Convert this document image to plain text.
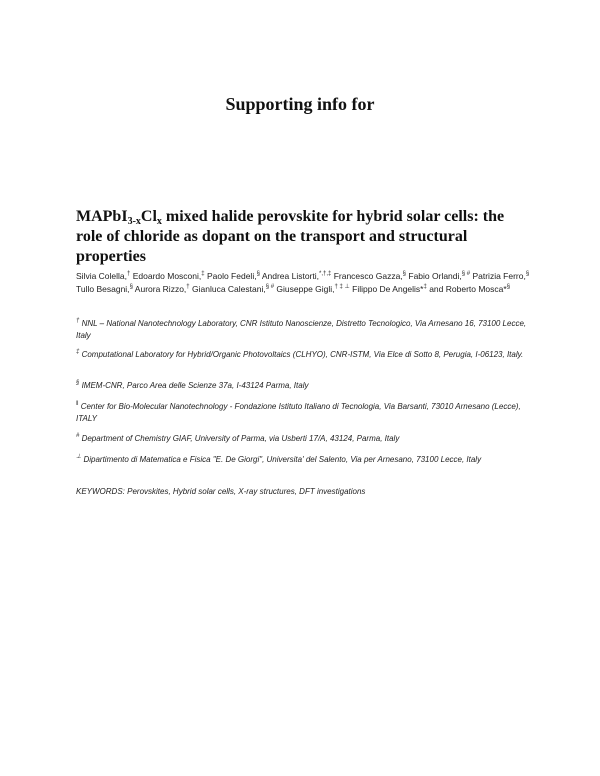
Supporting info for
$MAPbI_{3-x}Cl_x$ mixed halide perovskite for hybrid solar cells: the role of chloride as dopant on the transport and structural properties
Silvia Colella,† Edoardo Mosconi,‡ Paolo Fedeli,§ Andrea Listorti,*,†,‡ Francesco Gazza,§ Fabio Orlandi,§ # Patrizia Ferro,§ Tullo Besagni,§ Aurora Rizzo,† Gianluca Calestani,§ # Giuseppe Gigli,† ‡ ⊥ Filippo De Angelis*‡ and Roberto Mosca*§
† NNL – National Nanotechnology Laboratory, CNR Istituto Nanoscienze, Distretto Tecnologico, Via Arnesano 16, 73100 Lecce, Italy
‡ Computational Laboratory for Hybrid/Organic Photovoltaics (CLHYO), CNR-ISTM, Via Elce di Sotto 8, Perugia, I-06123, Italy.
§ IMEM-CNR, Parco Area delle Scienze 37a, I-43124 Parma, Italy
‖ Center for Bio-Molecular Nanotechnology - Fondazione Istituto Italiano di Tecnologia, Via Barsanti, 73010 Arnesano (Lecce), ITALY
# Department of Chemistry GIAF, University of Parma, via Usberti 17/A, 43124, Parma, Italy
⊥ Dipartimento di Matematica e Fisica "E. De Giorgi", Universita' del Salento, Via per Arnesano, 73100 Lecce, Italy
KEYWORDS: Perovskites, Hybrid solar cells, X-ray structures, DFT investigations
